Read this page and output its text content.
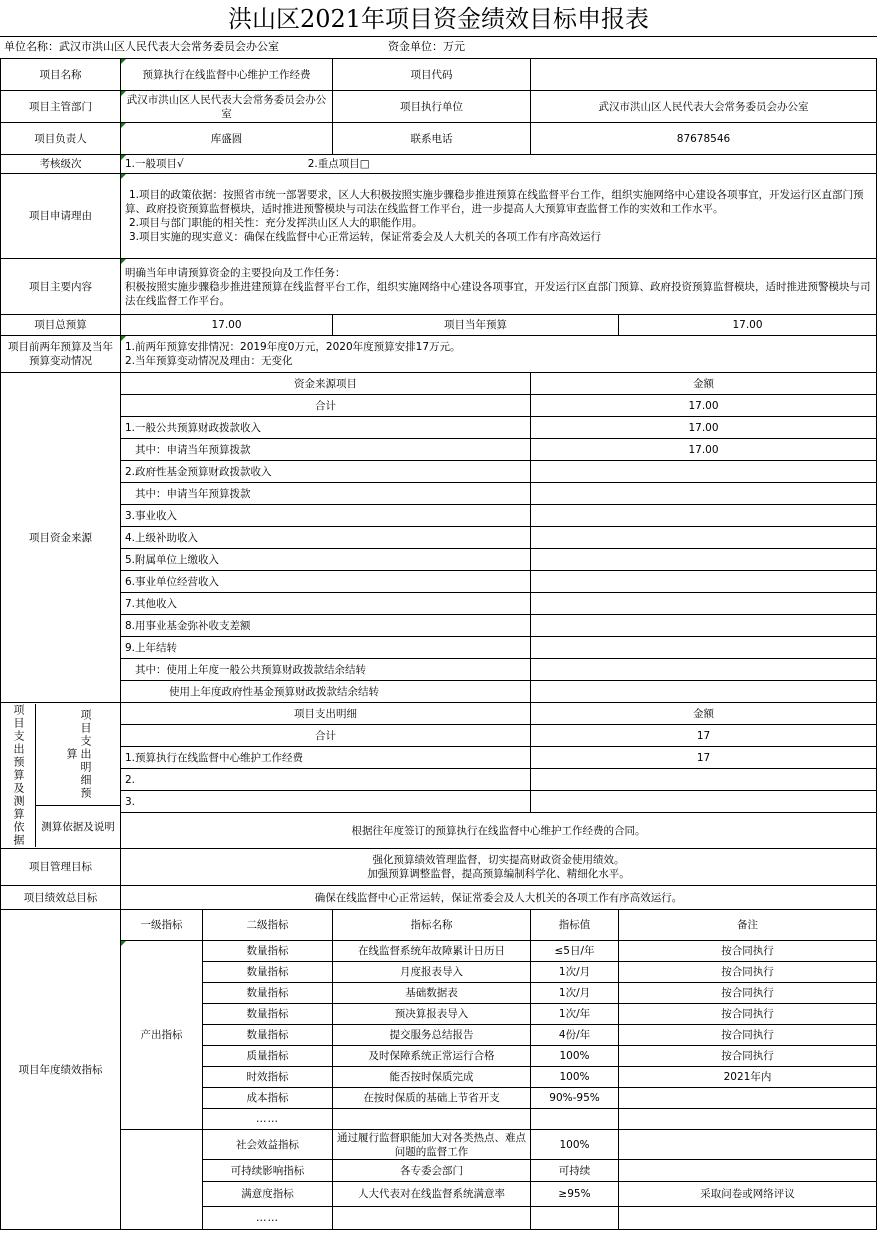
洪山区2021年项目资金绩效目标申报表
单位名称：武汉市洪山区人民代表大会常务委员会办公室	资金单位：万元
项目名称	预算执行在线监督中心维护工作经费	项目代码	
项目主管部门	武汉市洪山区人民代表大会常务委员会办公室	项目执行单位	武汉市洪山区人民代表大会常务委员会办公室
项目负责人	库盛圆	联系电话	87678546
考核级次	1.一般项目√	2.重点项目□
项目申请理由	
1.项目的政策依据：按照省市统一部署要求，区人大积极按照实施步骤稳步推进预算在线监督平台工作，组织实施网络中心建设各项事宜，开发运行区直部门预算、政府投资预算监督模块，适时推进预警模块与司法在线监督工作平台，进一步提高人大预算审查监督工作的实效和工作水平。
2.项目与部门职能的相关性：充分发挥洪山区人大的职能作用。
3.项目实施的现实意义：确保在线监督中心正常运转，保证常委会及人大机关的各项工作有序高效运行

项目主要内容	
明确当年申请预算资金的主要投向及工作任务：
积极按照实施步骤稳步推进建预算在线监督平台工作，组织实施网络中心建设各项事宜，开发运行区直部门预算、政府投资预算监督模块，适时推进预警模块与司法在线监督工作平台。

项目总预算	17.00	项目当年预算	17.00
项目前两年预算及当年预算变动情况	
1.前两年预算安排情况：2019年度0万元，2020年度预算安排17万元。
2.当年预算变动情况及理由：无变化

项目资金来源	资金来源项目	金额
合计	17.00
1.一般公共预算财政拨款收入	17.00
其中：申请当年预算拨款	17.00
2.政府性基金预算财政拨款收入	
其中：申请当年预算拨款	
3.事业收入	
4.上级补助收入	
5.附属单位上缴收入	
6.事业单位经营收入	
7.其他收入	
8.用事业基金弥补收支差额	
9.上年结转	
其中：使用上年度一般公共预算财政拨款结余结转	
使用上年度政府性基金预算财政拨款结余结转	

项目支出预算及测算依据	项目支出明细预算
测算依据及说明
	项目支出明细	金额
合计	17
1.预算执行在线监督中心维护工作经费	17
2.	
3.	
根据往年度签订的预算执行在线监督中心维护工作经费的合同。
项目管理目标	
强化预算绩效管理监督，切实提高财政资金使用绩效。
加强预算调整监督，提高预算编制科学化、精细化水平。

项目绩效总目标	确保在线监督中心正常运转，保证常委会及人大机关的各项工作有序高效运行。
项目年度绩效指标	一级指标	二级指标	指标名称	指标值	备注
产出指标	数量指标	在线监督系统年故障累计日历日	≤5日/年	按合同执行
数量指标	月度报表导入	1次/月	按合同执行
数量指标	基础数据表	1次/月	按合同执行
数量指标	预决算报表导入	1次/年	按合同执行
数量指标	提交服务总结报告	4份/年	按合同执行
质量指标	及时保障系统正常运行合格	100%	按合同执行
时效指标	能否按时保质完成	100%	2021年内
成本指标	在按时保质的基础上节省开支	90%-95%	
……			
	社会效益指标	通过履行监督职能加大对各类热点、难点问题的监督工作	100%	
可持续影响指标	各专委会部门	可持续	
满意度指标	人大代表对在线监督系统满意率	≥95%	采取问卷或网络评议
……			
